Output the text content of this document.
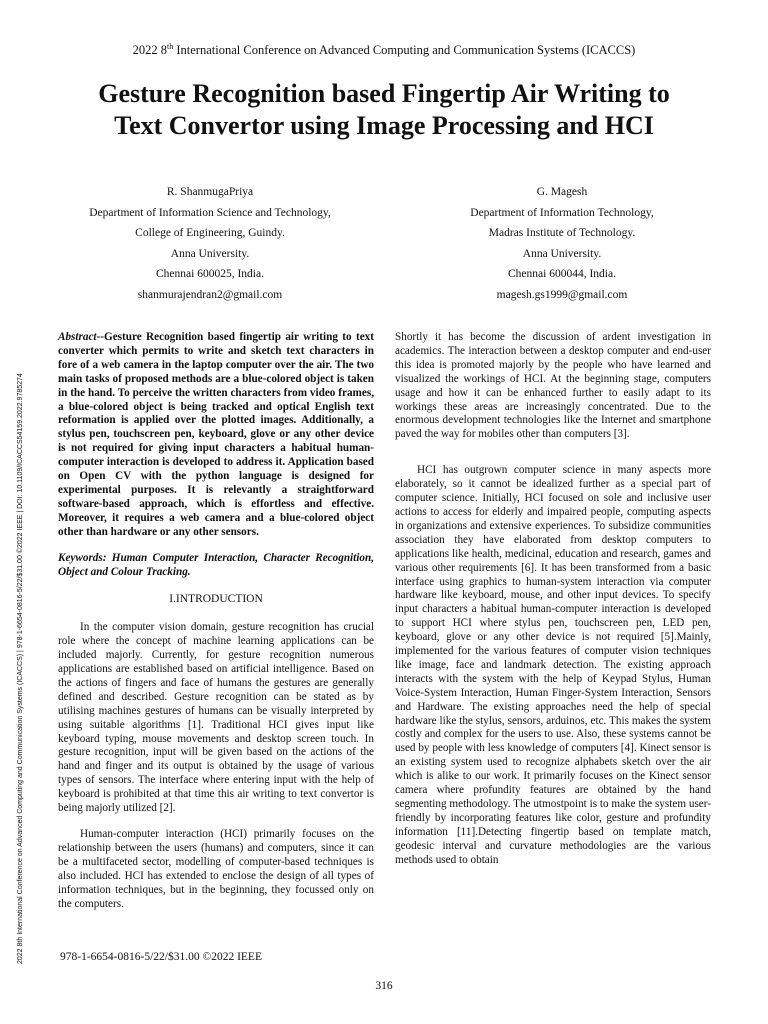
2022 8th International Conference on Advanced Computing and Communication Systems (ICACCS)
Gesture Recognition based Fingertip Air Writing to Text Convertor using Image Processing and HCI
R. ShanmugaPriya
Department of Information Science and Technology,
College of Engineering, Guindy.
Anna University.
Chennai 600025, India.
shanmurajendran2@gmail.com
G. Magesh
Department of Information Technology,
Madras Institute of Technology.
Anna University.
Chennai 600044, India.
magesh.gs1999@gmail.com
2022 8th International Conference on Advanced Computing and Communication Systems (ICACCS) | 978-1-6654-0816-5/22/$31.00 ©2022 IEEE | DOI: 10.1109/ICACCS54159.2022.9785274

Abstract--Gesture Recognition based fingertip air writing to text converter which permits to write and sketch text characters in fore of a web camera in the laptop computer over the air. The two main tasks of proposed methods are a blue-colored object is taken in the hand. To perceive the written characters from video frames, a blue-colored object is being tracked and optical English text reformation is applied over the plotted images. Additionally, a stylus pen, touchscreen pen, keyboard, glove or any other device is not required for giving input characters a habitual human-computer interaction is developed to address it. Application based on Open CV with the python language is designed for experimental purposes. It is relevantly a straightforward software-based approach, which is effortless and effective. Moreover, it requires a web camera and a blue-colored object other than hardware or any other sensors.

Keywords: Human Computer Interaction, Character Recognition, Object and Colour Tracking.

I.INTRODUCTION

In the computer vision domain, gesture recognition has crucial role where the concept of machine learning applications can be included majorly. Currently, for gesture recognition numerous applications are established based on artificial intelligence. Based on the actions of fingers and face of humans the gestures are generally defined and described. Gesture recognition can be stated as by utilising machines gestures of humans can be visually interpreted by using suitable algorithms [1]. Traditional HCI gives input like keyboard typing, mouse movements and desktop screen touch. In gesture recognition, input will be given based on the actions of the hand and finger and its output is obtained by the usage of various types of sensors. The interface where entering input with the help of keyboard is prohibited at that time this air writing to text convertor is being majorly utilized [2].

Human-computer interaction (HCI) primarily focuses on the relationship between the users (humans) and computers, since it can be a multifaceted sector, modelling of computer-based techniques is also included. HCI has extended to enclose the design of all types of information techniques, but in the beginning, they focussed only on the computers.

Shortly it has become the discussion of ardent investigation in academics. The interaction between a desktop computer and end-user this idea is promoted majorly by the people who have learned and visualized the workings of HCI. At the beginning stage, computers usage and how it can be enhanced further to easily adapt to its workings these areas are increasingly concentrated. Due to the enormous development technologies like the Internet and smartphone paved the way for mobiles other than computers [3].

HCI has outgrown computer science in many aspects more elaborately, so it cannot be idealized further as a special part of computer science. Initially, HCI focused on sole and inclusive user actions to access for elderly and impaired people, computing aspects in organizations and extensive experiences. To subsidize communities association they have elaborated from desktop computers to applications like health, medicinal, education and research, games and various other requirements [6]. It has been transformed from a basic interface using graphics to human-system interaction via computer hardware like keyboard, mouse, and other input devices. To specify input characters a habitual human-computer interaction is developed to support HCI where stylus pen, touchscreen pen, LED pen, keyboard, glove or any other device is not required [5].Mainly, implemented for the various features of computer vision techniques like image, face and landmark detection. The existing approach interacts with the system with the help of Keypad Stylus, Human Voice-System Interaction, Human Finger-System Interaction, Sensors and Hardware. The existing approaches need the help of special hardware like the stylus, sensors, arduinos, etc. This makes the system costly and complex for the users to use. Also, these systems cannot be used by people with less knowledge of computers [4]. Kinect sensor is an existing system used to recognize alphabets sketch over the air which is alike to our work. It primarily focuses on the Kinect sensor camera where profundity features are obtained by the hand segmenting methodology. The utmostpoint is to make the system user-friendly by incorporating features like color, gesture and profundity information [11].Detecting fingertip based on template match, geodesic interval and curvature methodologies are the various methods used to obtain

978-1-6654-0816-5/22/$31.00 ©2022 IEEE
316
